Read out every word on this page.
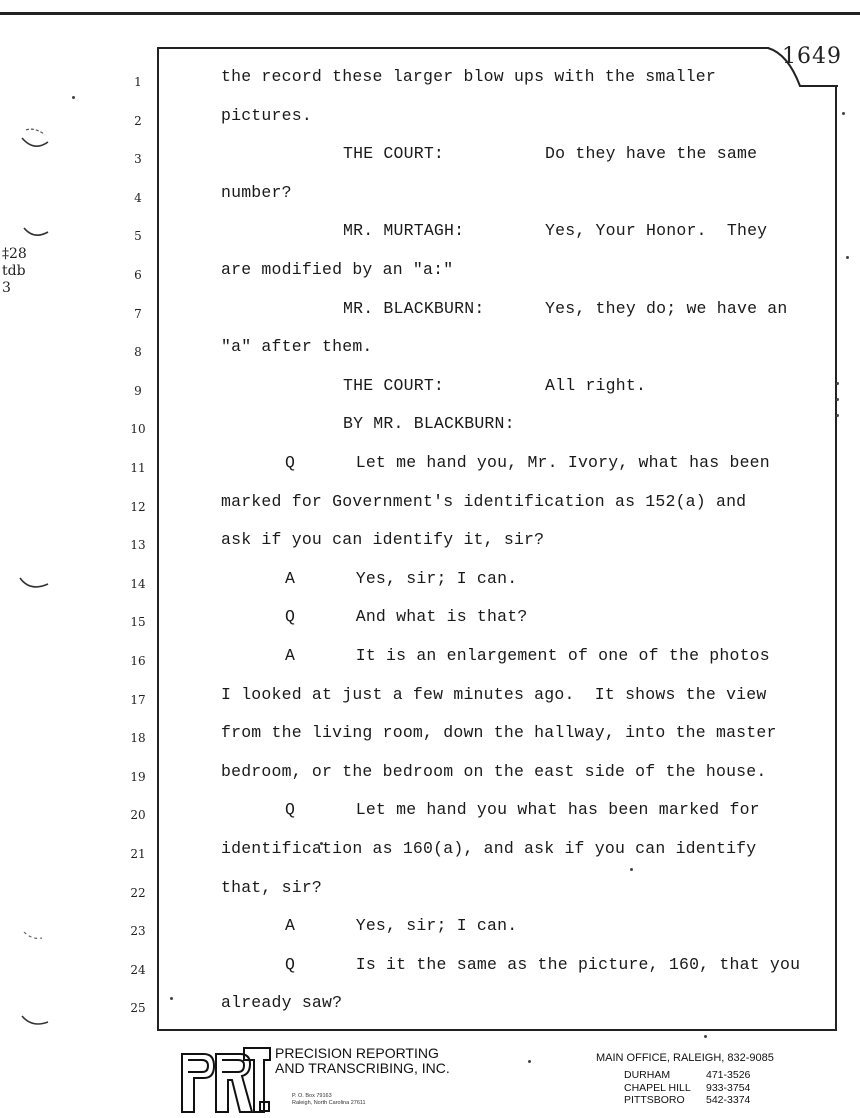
1649
‡28
tdb
3
1	the record these larger blow ups with the smaller
2	pictures.
3	THE COURT:          Do they have the same
4	number?
5	MR. MURTAGH:        Yes, Your Honor.  They
6	are modified by an "a:"
7	MR. BLACKBURN:      Yes, they do; we have an
8	"a" after them.
9	THE COURT:          All right.
10	BY MR. BLACKBURN:
11	Q      Let me hand you, Mr. Ivory, what has been
12	marked for Government's identification as 152(a) and
13	ask if you can identify it, sir?
14	A      Yes, sir; I can.
15	Q      And what is that?
16	A      It is an enlargement of one of the photos
17	I looked at just a few minutes ago.  It shows the view
18	from the living room, down the hallway, into the master
19	bedroom, or the bedroom on the east side of the house.
20	Q      Let me hand you what has been marked for
21	identification as 160(a), and ask if you can identify
22	that, sir?
23	A      Yes, sir; I can.
24	Q      Is it the same as the picture, 160, that you
25	already saw?
PRECISION REPORTING
AND TRANSCRIBING, INC.
P. O. Box 79163
Raleigh, North Carolina 27611
MAIN OFFICE, RALEIGH, 832-9085
DURHAM	471-3526
CHAPEL HILL 933-3754
PITTSBORO 542-3374
